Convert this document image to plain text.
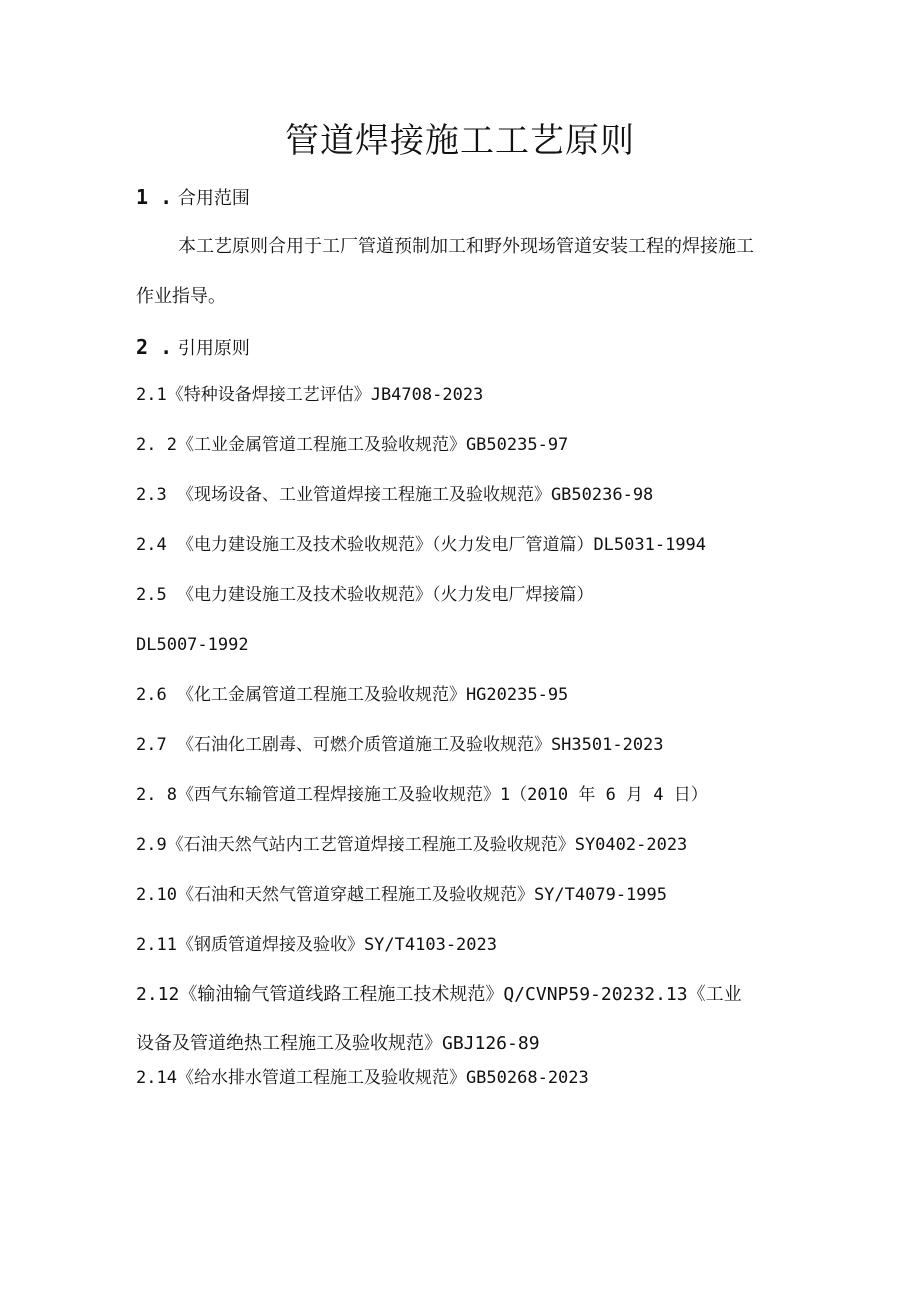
管道焊接施工工艺原则
1 . 合用范围
本工艺原则合用于工厂管道预制加工和野外现场管道安装工程的焊接施工
作业指导。
2 . 引用原则
2.1《特种设备焊接工艺评估》JB4708-2023
2. 2《工业金属管道工程施工及验收规范》GB50235-97
2.3 《现场设备、工业管道焊接工程施工及验收规范》GB50236-98
2.4 《电力建设施工及技术验收规范》（火力发电厂管道篇）DL5031-1994
2.5 《电力建设施工及技术验收规范》（火力发电厂焊接篇）
DL5007-1992
2.6 《化工金属管道工程施工及验收规范》HG20235-95
2.7 《石油化工剧毒、可燃介质管道施工及验收规范》SH3501-2023
2. 8《西气东输管道工程焊接施工及验收规范》1（2010 年 6 月 4 日）
2.9《石油天然气站内工艺管道焊接工程施工及验收规范》SY0402-2023
2.10《石油和天然气管道穿越工程施工及验收规范》SY/T4079-1995
2.11《钢质管道焊接及验收》SY/T4103-2023
2.12《输油输气管道线路工程施工技术规范》Q/CVNP59-20232.13《工业
设备及管道绝热工程施工及验收规范》GBJ126-89
2.14《给水排水管道工程施工及验收规范》GB50268-2023
